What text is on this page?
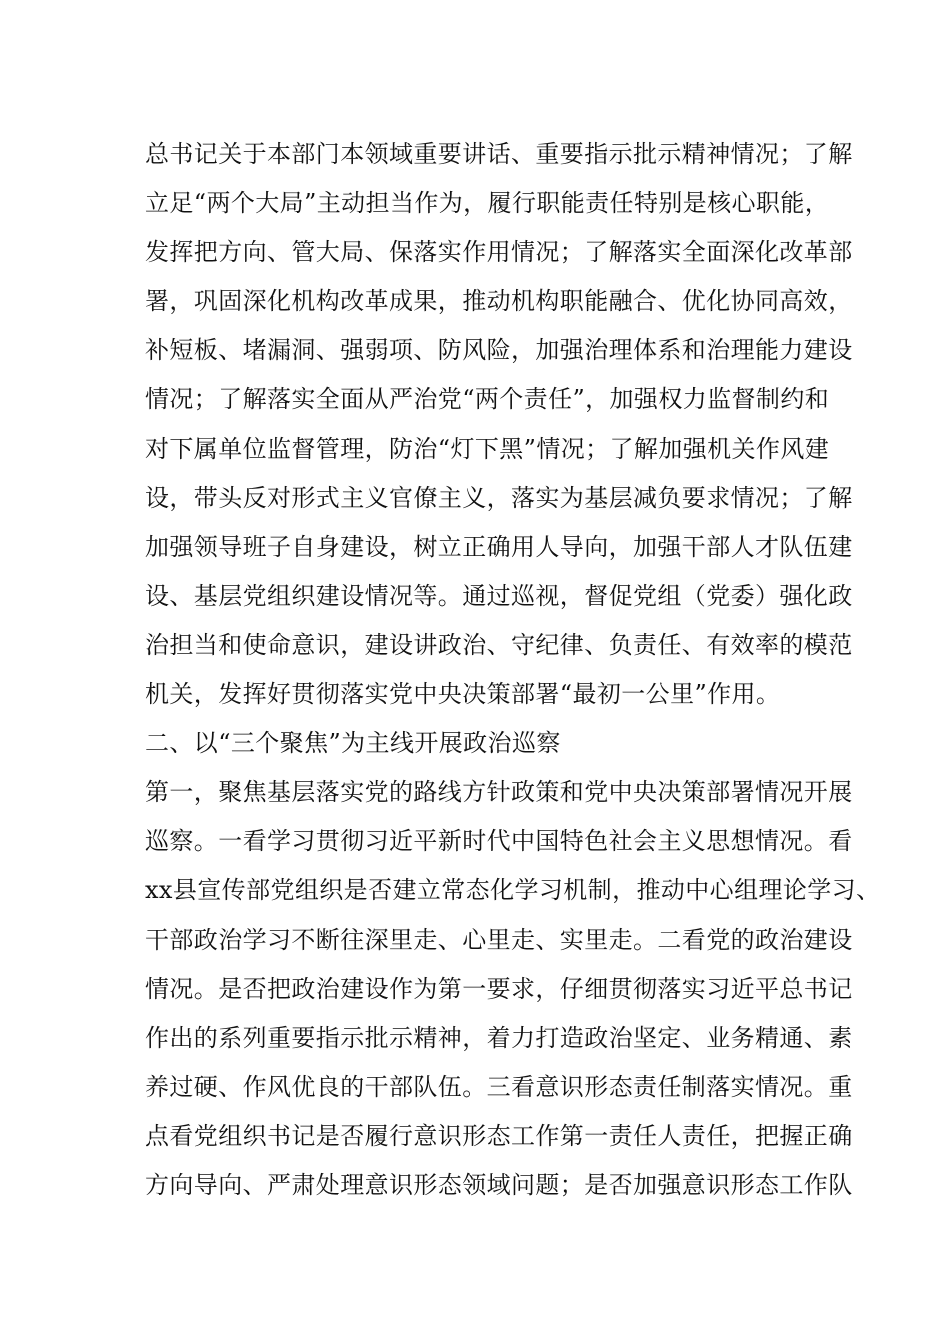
总书记关于本部门本领域重要讲话、重要指示批示精神情况；了解
立足“两个大局”主动担当作为，履行职能责任特别是核心职能，
发挥把方向、管大局、保落实作用情况；了解落实全面深化改革部
署，巩固深化机构改革成果，推动机构职能融合、优化协同高效，
补短板、堵漏洞、强弱项、防风险，加强治理体系和治理能力建设
情况；了解落实全面从严治党“两个责任”，加强权力监督制约和
对下属单位监督管理，防治“灯下黑”情况；了解加强机关作风建
设，带头反对形式主义官僚主义，落实为基层减负要求情况；了解
加强领导班子自身建设，树立正确用人导向，加强干部人才队伍建
设、基层党组织建设情况等。通过巡视，督促党组（党委）强化政
治担当和使命意识，建设讲政治、守纪律、负责任、有效率的模范
机关，发挥好贯彻落实党中央决策部署“最初一公里”作用。
二、以“三个聚焦”为主线开展政治巡察
第一，聚焦基层落实党的路线方针政策和党中央决策部署情况开展
巡察。一看学习贯彻习近平新时代中国特色社会主义思想情况。看
xx县宣传部党组织是否建立常态化学习机制，推动中心组理论学习、
干部政治学习不断往深里走、心里走、实里走。二看党的政治建设
情况。是否把政治建设作为第一要求，仔细贯彻落实习近平总书记
作出的系列重要指示批示精神，着力打造政治坚定、业务精通、素
养过硬、作风优良的干部队伍。三看意识形态责任制落实情况。重
点看党组织书记是否履行意识形态工作第一责任人责任，把握正确
方向导向、严肃处理意识形态领域问题；是否加强意识形态工作队
